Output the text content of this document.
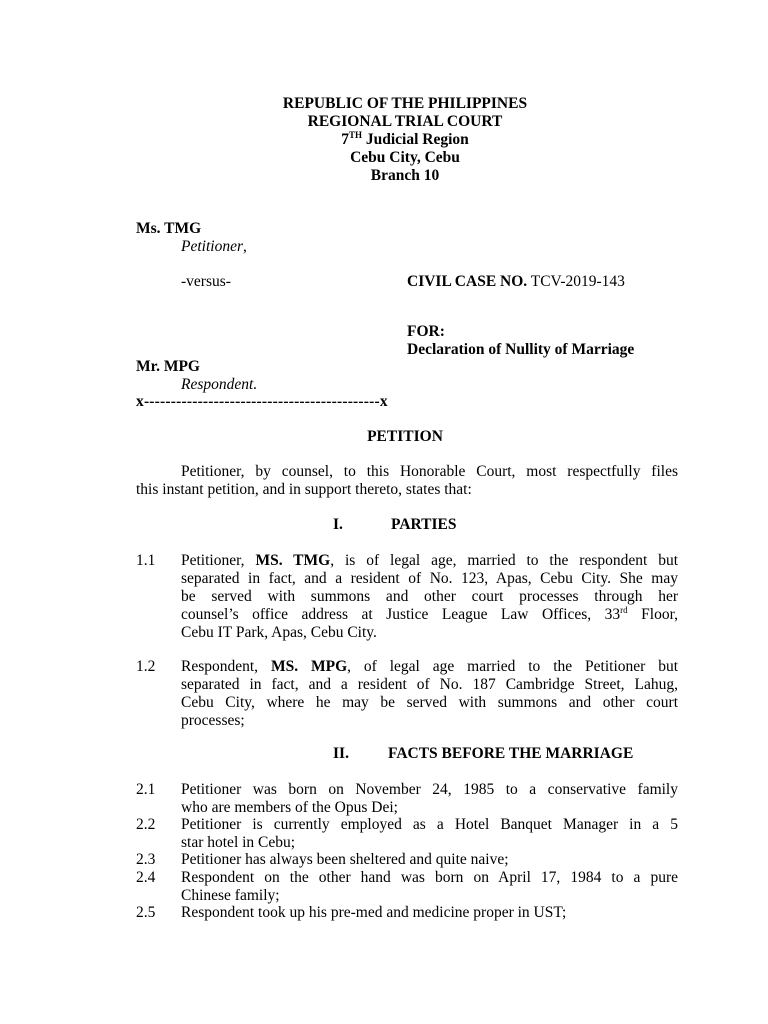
REPUBLIC OF THE PHILIPPINES
REGIONAL TRIAL COURT
7TH Judicial Region
Cebu City, Cebu
Branch 10
Ms. TMG
Petitioner,
-versus-	CIVIL CASE NO. TCV-2019-143
FOR:
Declaration of Nullity of Marriage
Mr. MPG
Respondent.
x--------------------------------------------x
PETITION
Petitioner, by counsel, to this Honorable Court, most respectfully files
this instant petition, and in support thereto, states that:
I.	PARTIES
1.1 Petitioner, MS. TMG, is of legal age, married to the respondent but
separated in fact, and a resident of No. 123, Apas, Cebu City. She may
be served with summons and other court processes through her
counsel’s office address at Justice League Law Offices, 33rd Floor,
Cebu IT Park, Apas, Cebu City.
1.2 Respondent, MS. MPG, of legal age married to the Petitioner but
separated in fact, and a resident of No. 187 Cambridge Street, Lahug,
Cebu City, where he may be served with summons and other court
processes;
II.	FACTS BEFORE THE MARRIAGE
2.1 Petitioner was born on November 24, 1985 to a conservative family
who are members of the Opus Dei;
2.2 Petitioner is currently employed as a Hotel Banquet Manager in a 5
star hotel in Cebu;
2.3 Petitioner has always been sheltered and quite naive;
2.4 Respondent on the other hand was born on April 17, 1984 to a pure
Chinese family;
2.5 Respondent took up his pre-med and medicine proper in UST;
